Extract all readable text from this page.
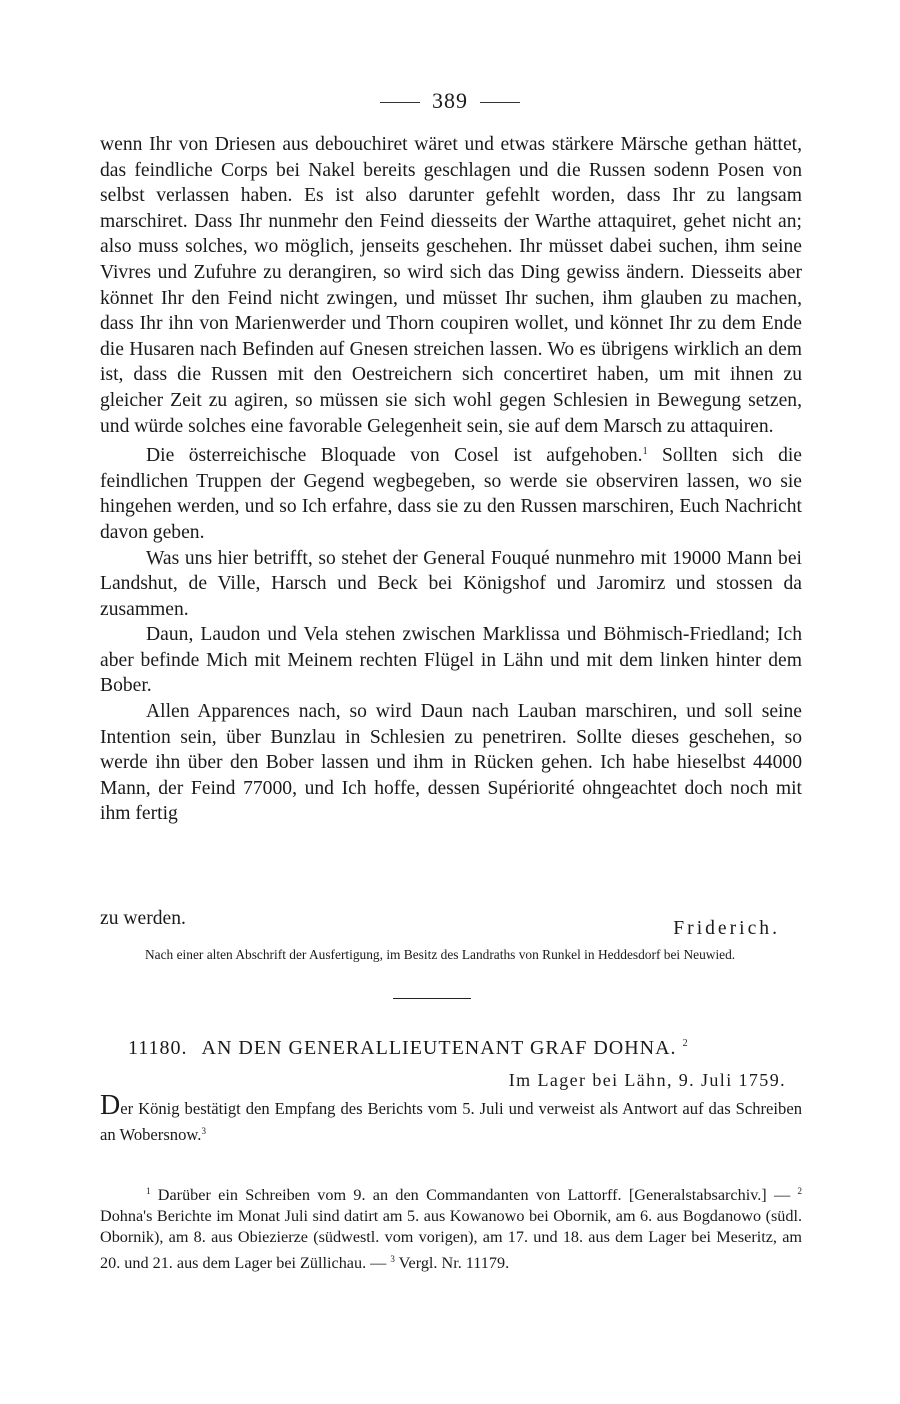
389

wenn Ihr von Driesen aus debouchiret wäret und etwas stärkere Märsche gethan hättet, das feindliche Corps bei Nakel bereits geschlagen und die Russen sodenn Posen von selbst verlassen haben. Es ist also darunter gefehlt worden, dass Ihr zu langsam marschiret. Dass Ihr nunmehr den Feind diesseits der Warthe attaquiret, gehet nicht an; also muss solches, wo möglich, jenseits geschehen. Ihr müsset dabei suchen, ihm seine Vivres und Zufuhre zu derangiren, so wird sich das Ding gewiss ändern. Diesseits aber könnet Ihr den Feind nicht zwingen, und müsset Ihr suchen, ihm glauben zu machen, dass Ihr ihn von Marienwerder und Thorn coupiren wollet, und könnet Ihr zu dem Ende die Husaren nach Befinden auf Gnesen streichen lassen. Wo es übrigens wirklich an dem ist, dass die Russen mit den Oestreichern sich concertiret haben, um mit ihnen zu gleicher Zeit zu agiren, so müssen sie sich wohl gegen Schlesien in Bewegung setzen, und würde solches eine favorable Gelegenheit sein, sie auf dem Marsch zu attaquiren.

Die österreichische Bloquade von Cosel ist aufgehoben.$^1$ Sollten sich die feindlichen Truppen der Gegend wegbegeben, so werde sie observiren lassen, wo sie hingehen werden, und so Ich erfahre, dass sie zu den Russen marschiren, Euch Nachricht davon geben.

Was uns hier betrifft, so stehet der General Fouqué nunmehro mit 19000 Mann bei Landshut, de Ville, Harsch und Beck bei Königshof und Jaromirz und stossen da zusammen.

Daun, Laudon und Vela stehen zwischen Marklissa und Böhmisch-Friedland; Ich aber befinde Mich mit Meinem rechten Flügel in Lähn und mit dem linken hinter dem Bober.

Allen Apparences nach, so wird Daun nach Lauban marschiren, und soll seine Intention sein, über Bunzlau in Schlesien zu penetriren. Sollte dieses geschehen, so werde ihn über den Bober lassen und ihm in Rücken gehen. Ich habe hieselbst 44000 Mann, der Feind 77000, und Ich hoffe, dessen Supériorité ohngeachtet doch noch mit ihm fertig

zu werden.	Friderich.
Nach einer alten Abschrift der Ausfertigung, im Besitz des Landraths von Runkel in Heddesdorf bei Neuwied.
11180. AN DEN GENERALLIEUTENANT GRAF DOHNA. $^2$
Im Lager bei Lähn, 9. Juli 1759.
Der König bestätigt den Empfang des Berichts vom 5. Juli und verweist als Antwort auf das Schreiben an Wobersnow.$^3$
$^1$ Darüber ein Schreiben vom 9. an den Commandanten von Lattorff. [Generalstabsarchiv.] — $^2$ Dohna's Berichte im Monat Juli sind datirt am 5. aus Kowanowo bei Obornik, am 6. aus Bogdanowo (südl. Obornik), am 8. aus Obiezierze (südwestl. vom vorigen), am 17. und 18. aus dem Lager bei Meseritz, am 20. und 21. aus dem Lager bei Züllichau. — $^3$ Vergl. Nr. 11179.
